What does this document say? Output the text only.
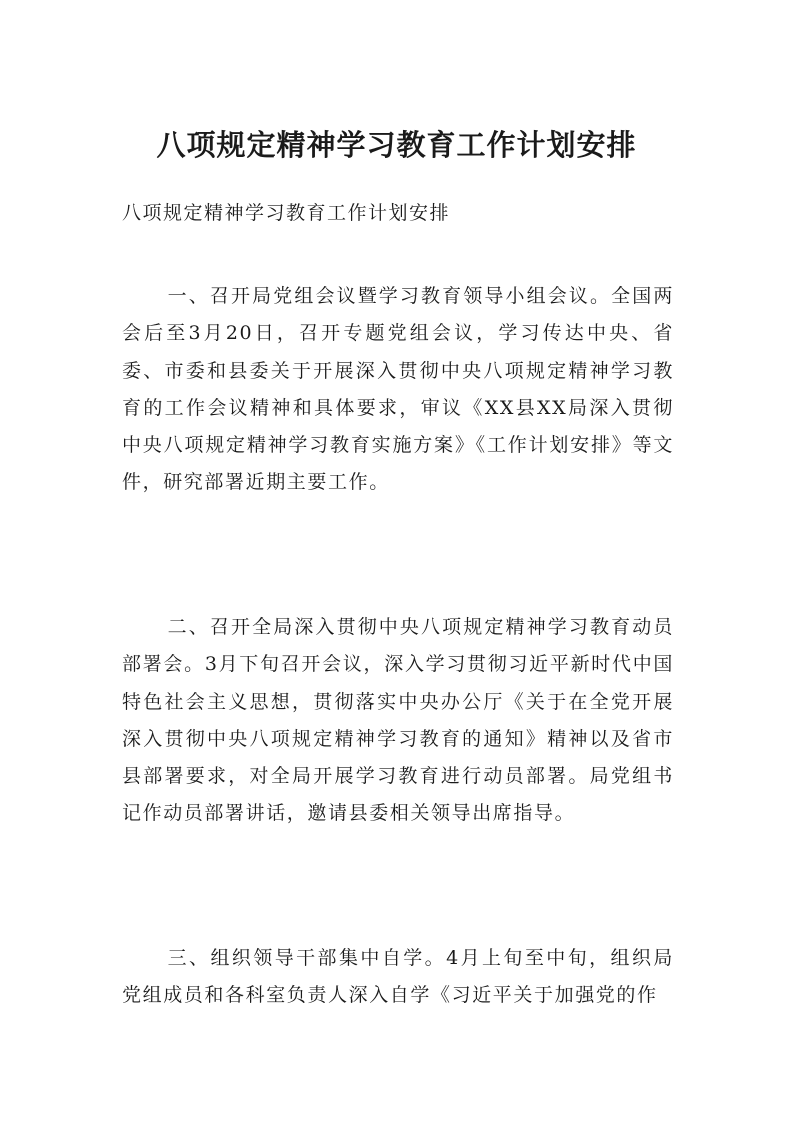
八项规定精神学习教育工作计划安排

八项规定精神学习教育工作计划安排

一、召开局党组会议暨学习教育领导小组会议。全国两会后至3月20日，召开专题党组会议，学习传达中央、省委、市委和县委关于开展深入贯彻中央八项规定精神学习教育的工作会议精神和具体要求，审议《XX县XX局深入贯彻中央八项规定精神学习教育实施方案》《工作计划安排》等文件，研究部署近期主要工作。

二、召开全局深入贯彻中央八项规定精神学习教育动员部署会。3月下旬召开会议，深入学习贯彻习近平新时代中国特色社会主义思想，贯彻落实中央办公厅《关于在全党开展深入贯彻中央八项规定精神学习教育的通知》精神以及省市县部署要求，对全局开展学习教育进行动员部署。局党组书记作动员部署讲话，邀请县委相关领导出席指导。

三、组织领导干部集中自学。4月上旬至中旬，组织局党组成员和各科室负责人深入自学《习近平关于加强党的作
